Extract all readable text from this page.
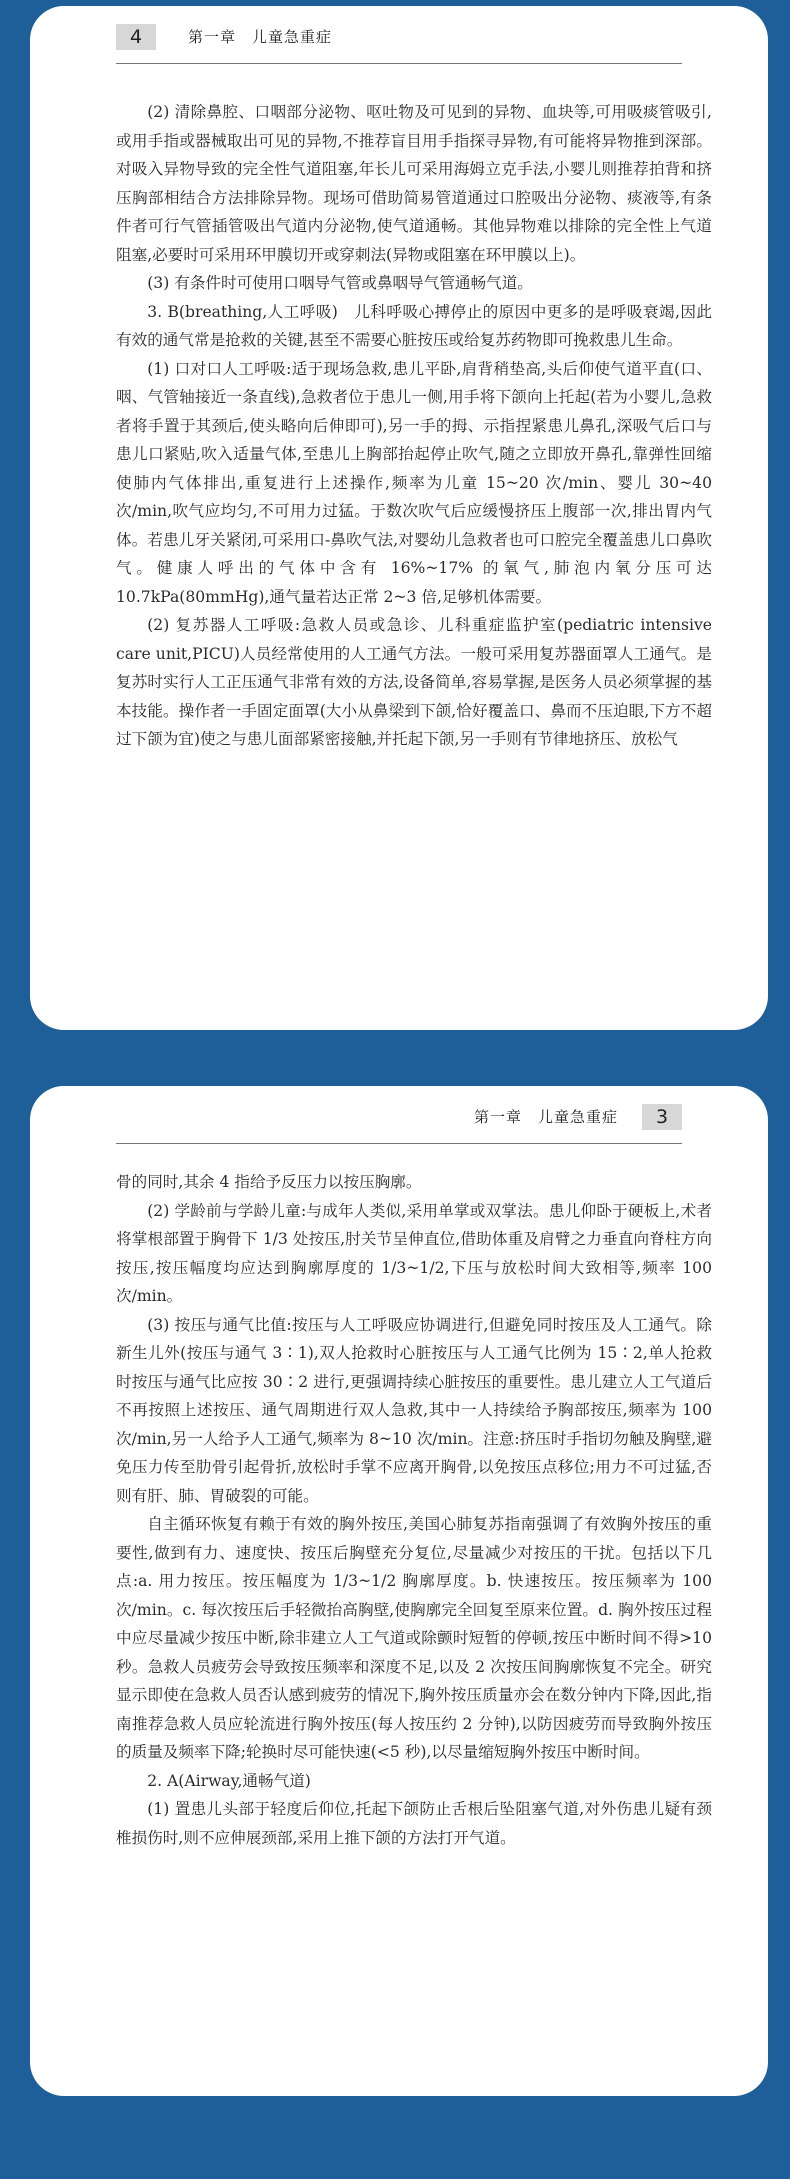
4	第一章　儿童急重症

(2) 清除鼻腔、口咽部分泌物、呕吐物及可见到的异物、血块等,可用吸痰管吸引,或用手指或器械取出可见的异物,不推荐盲目用手指探寻异物,有可能将异物推到深部。对吸入异物导致的完全性气道阻塞,年长儿可采用海姆立克手法,小婴儿则推荐拍背和挤压胸部相结合方法排除异物。现场可借助简易管道通过口腔吸出分泌物、痰液等,有条件者可行气管插管吸出气道内分泌物,使气道通畅。其他异物难以排除的完全性上气道阻塞,必要时可采用环甲膜切开或穿刺法(异物或阻塞在环甲膜以上)。

(3) 有条件时可使用口咽导气管或鼻咽导气管通畅气道。

3. B(breathing,人工呼吸)　儿科呼吸心搏停止的原因中更多的是呼吸衰竭,因此有效的通气常是抢救的关键,甚至不需要心脏按压或给复苏药物即可挽救患儿生命。

(1) 口对口人工呼吸:适于现场急救,患儿平卧,肩背稍垫高,头后仰使气道平直(口、咽、气管轴接近一条直线),急救者位于患儿一侧,用手将下颌向上托起(若为小婴儿,急救者将手置于其颈后,使头略向后伸即可),另一手的拇、示指捏紧患儿鼻孔,深吸气后口与患儿口紧贴,吹入适量气体,至患儿上胸部抬起停止吹气,随之立即放开鼻孔,靠弹性回缩使肺内气体排出,重复进行上述操作,频率为儿童 15~20 次/min、婴儿 30~40 次/min,吹气应均匀,不可用力过猛。于数次吹气后应缓慢挤压上腹部一次,排出胃内气体。若患儿牙关紧闭,可采用口-鼻吹气法,对婴幼儿急救者也可口腔完全覆盖患儿口鼻吹气。健康人呼出的气体中含有 16%~17% 的氧气,肺泡内氧分压可达 10.7kPa(80mmHg),通气量若达正常 2~3 倍,足够机体需要。

(2) 复苏器人工呼吸:急救人员或急诊、儿科重症监护室(pediatric intensive care unit,PICU)人员经常使用的人工通气方法。一般可采用复苏器面罩人工通气。是复苏时实行人工正压通气非常有效的方法,设备简单,容易掌握,是医务人员必须掌握的基本技能。操作者一手固定面罩(大小从鼻梁到下颌,恰好覆盖口、鼻而不压迫眼,下方不超过下颌为宜)使之与患儿面部紧密接触,并托起下颌,另一手则有节律地挤压、放松气

第一章　儿童急重症	3

骨的同时,其余 4 指给予反压力以按压胸廓。

(2) 学龄前与学龄儿童:与成年人类似,采用单掌或双掌法。患儿仰卧于硬板上,术者将掌根部置于胸骨下 1/3 处按压,肘关节呈伸直位,借助体重及肩臂之力垂直向脊柱方向按压,按压幅度均应达到胸廓厚度的 1/3~1/2,下压与放松时间大致相等,频率 100 次/min。

(3) 按压与通气比值:按压与人工呼吸应协调进行,但避免同时按压及人工通气。除新生儿外(按压与通气 3∶1),双人抢救时心脏按压与人工通气比例为 15∶2,单人抢救时按压与通气比应按 30∶2 进行,更强调持续心脏按压的重要性。患儿建立人工气道后不再按照上述按压、通气周期进行双人急救,其中一人持续给予胸部按压,频率为 100 次/min,另一人给予人工通气,频率为 8~10 次/min。注意:挤压时手指切勿触及胸壁,避免压力传至肋骨引起骨折,放松时手掌不应离开胸骨,以免按压点移位;用力不可过猛,否则有肝、肺、胃破裂的可能。

自主循环恢复有赖于有效的胸外按压,美国心肺复苏指南强调了有效胸外按压的重要性,做到有力、速度快、按压后胸壁充分复位,尽量减少对按压的干扰。包括以下几点:a. 用力按压。按压幅度为 1/3~1/2 胸廓厚度。b. 快速按压。按压频率为 100 次/min。c. 每次按压后手轻微抬高胸壁,使胸廓完全回复至原来位置。d. 胸外按压过程中应尽量减少按压中断,除非建立人工气道或除颤时短暂的停顿,按压中断时间不得>10 秒。急救人员疲劳会导致按压频率和深度不足,以及 2 次按压间胸廓恢复不完全。研究显示即使在急救人员否认感到疲劳的情况下,胸外按压质量亦会在数分钟内下降,因此,指南推荐急救人员应轮流进行胸外按压(每人按压约 2 分钟),以防因疲劳而导致胸外按压的质量及频率下降;轮换时尽可能快速(<5 秒),以尽量缩短胸外按压中断时间。

2. A(Airway,通畅气道)

(1) 置患儿头部于轻度后仰位,托起下颌防止舌根后坠阻塞气道,对外伤患儿疑有颈椎损伤时,则不应伸展颈部,采用上推下颌的方法打开气道。
